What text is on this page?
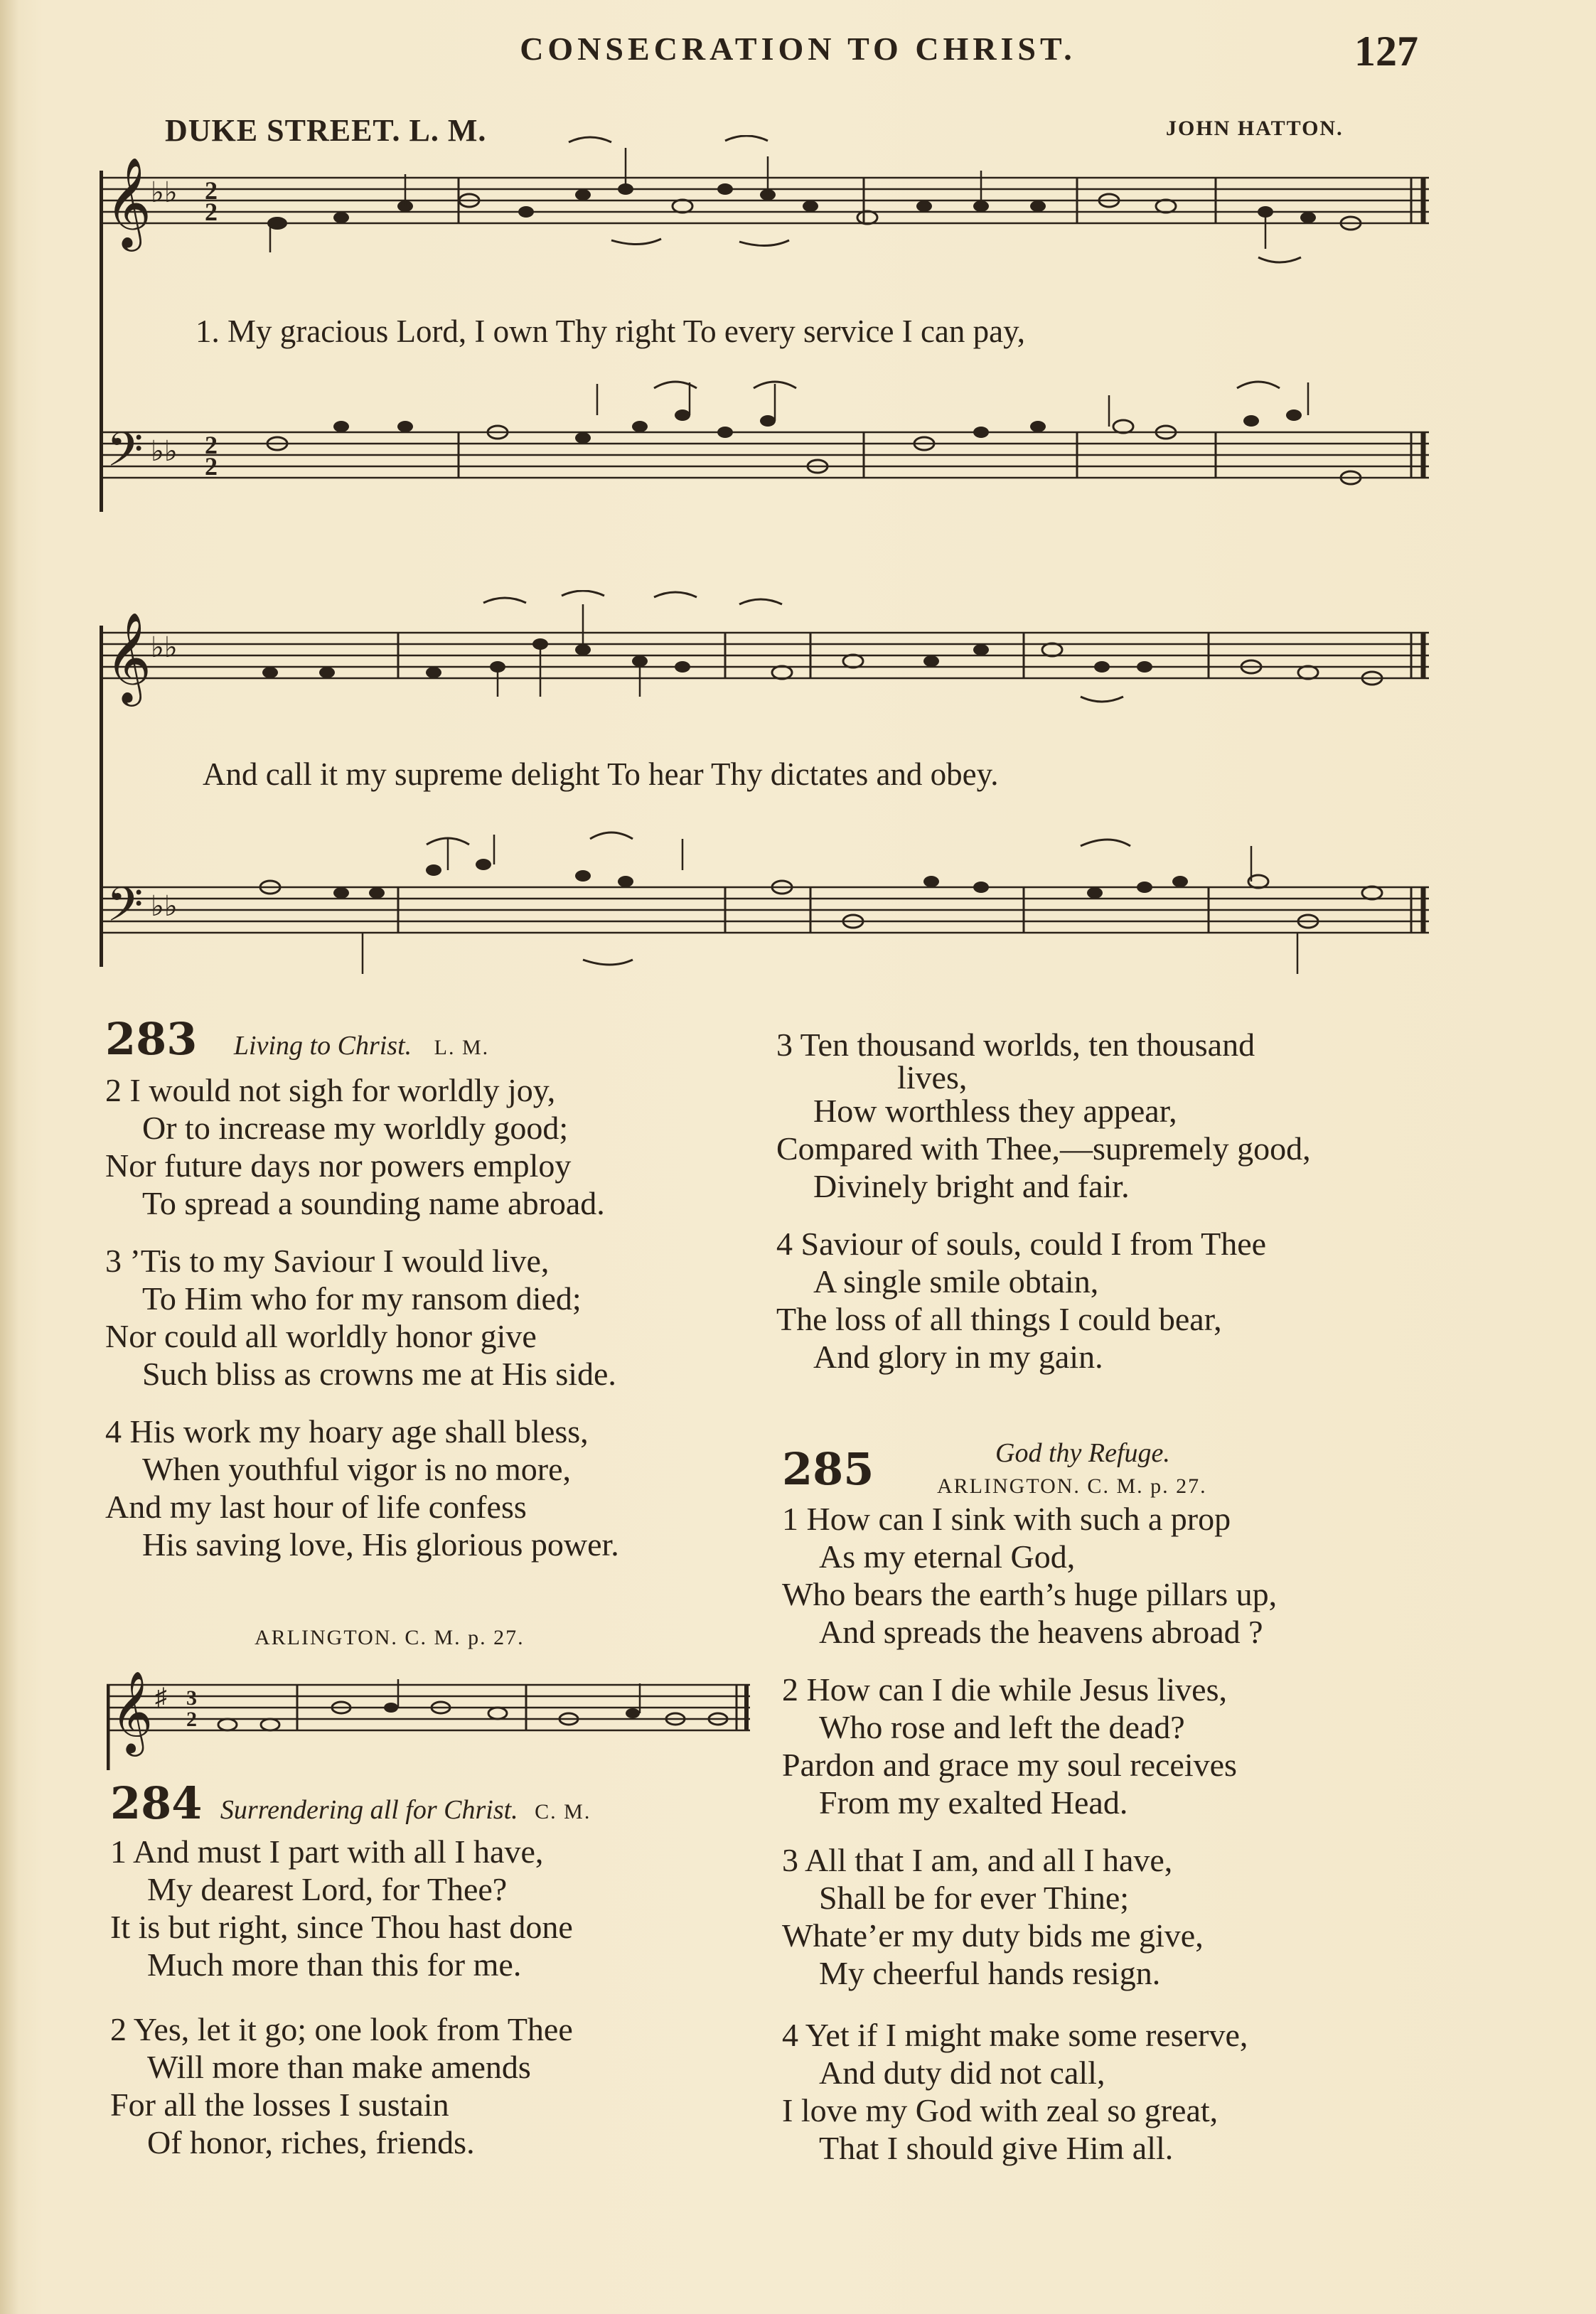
CONSECRATION TO CHRIST.	127
DUKE STREET. L. M.	JOHN HATTON.
𝄞
𝄢
♭♭
♭♭
2
2
2
2
1. My gracious Lord, I own Thy right To every service I can pay,
𝄞
𝄢
♭♭
♭♭
And call it my supreme delight To hear Thy dictates and obey.
283 Living to Christ. L. M.
2 I would not sigh for worldly joy,
Or to increase my worldly good;
Nor future days nor powers employ
To spread a sounding name abroad.
3 ’Tis to my Saviour I would live,
To Him who for my ransom died;
Nor could all worldly honor give
Such bliss as crowns me at His side.
4 His work my hoary age shall bless,
When youthful vigor is no more,
And my last hour of life confess
His saving love, His glorious power.
ARLINGTON. C. M. p. 27.
𝄞 ♯ 3
2
284 Surrendering all for Christ. C. M.
1 And must I part with all I have,
My dearest Lord, for Thee?
It is but right, since Thou hast done
Much more than this for me.
2 Yes, let it go; one look from Thee
Will more than make amends
For all the losses I sustain
Of honor, riches, friends.
3 Ten thousand worlds, ten thousand
lives,
How worthless they appear,
Compared with Thee,—supremely good,
Divinely bright and fair.
4 Saviour of souls, could I from Thee
A single smile obtain,
The loss of all things I could bear,
And glory in my gain.
285	God thy Refuge.
ARLINGTON. C. M. p. 27.
1 How can I sink with such a prop
As my eternal God,
Who bears the earth’s huge pillars up,
And spreads the heavens abroad ?
2 How can I die while Jesus lives,
Who rose and left the dead?
Pardon and grace my soul receives
From my exalted Head.
3 All that I am, and all I have,
Shall be for ever Thine;
Whate’er my duty bids me give,
My cheerful hands resign.
4 Yet if I might make some reserve,
And duty did not call,
I love my God with zeal so great,
That I should give Him all.
